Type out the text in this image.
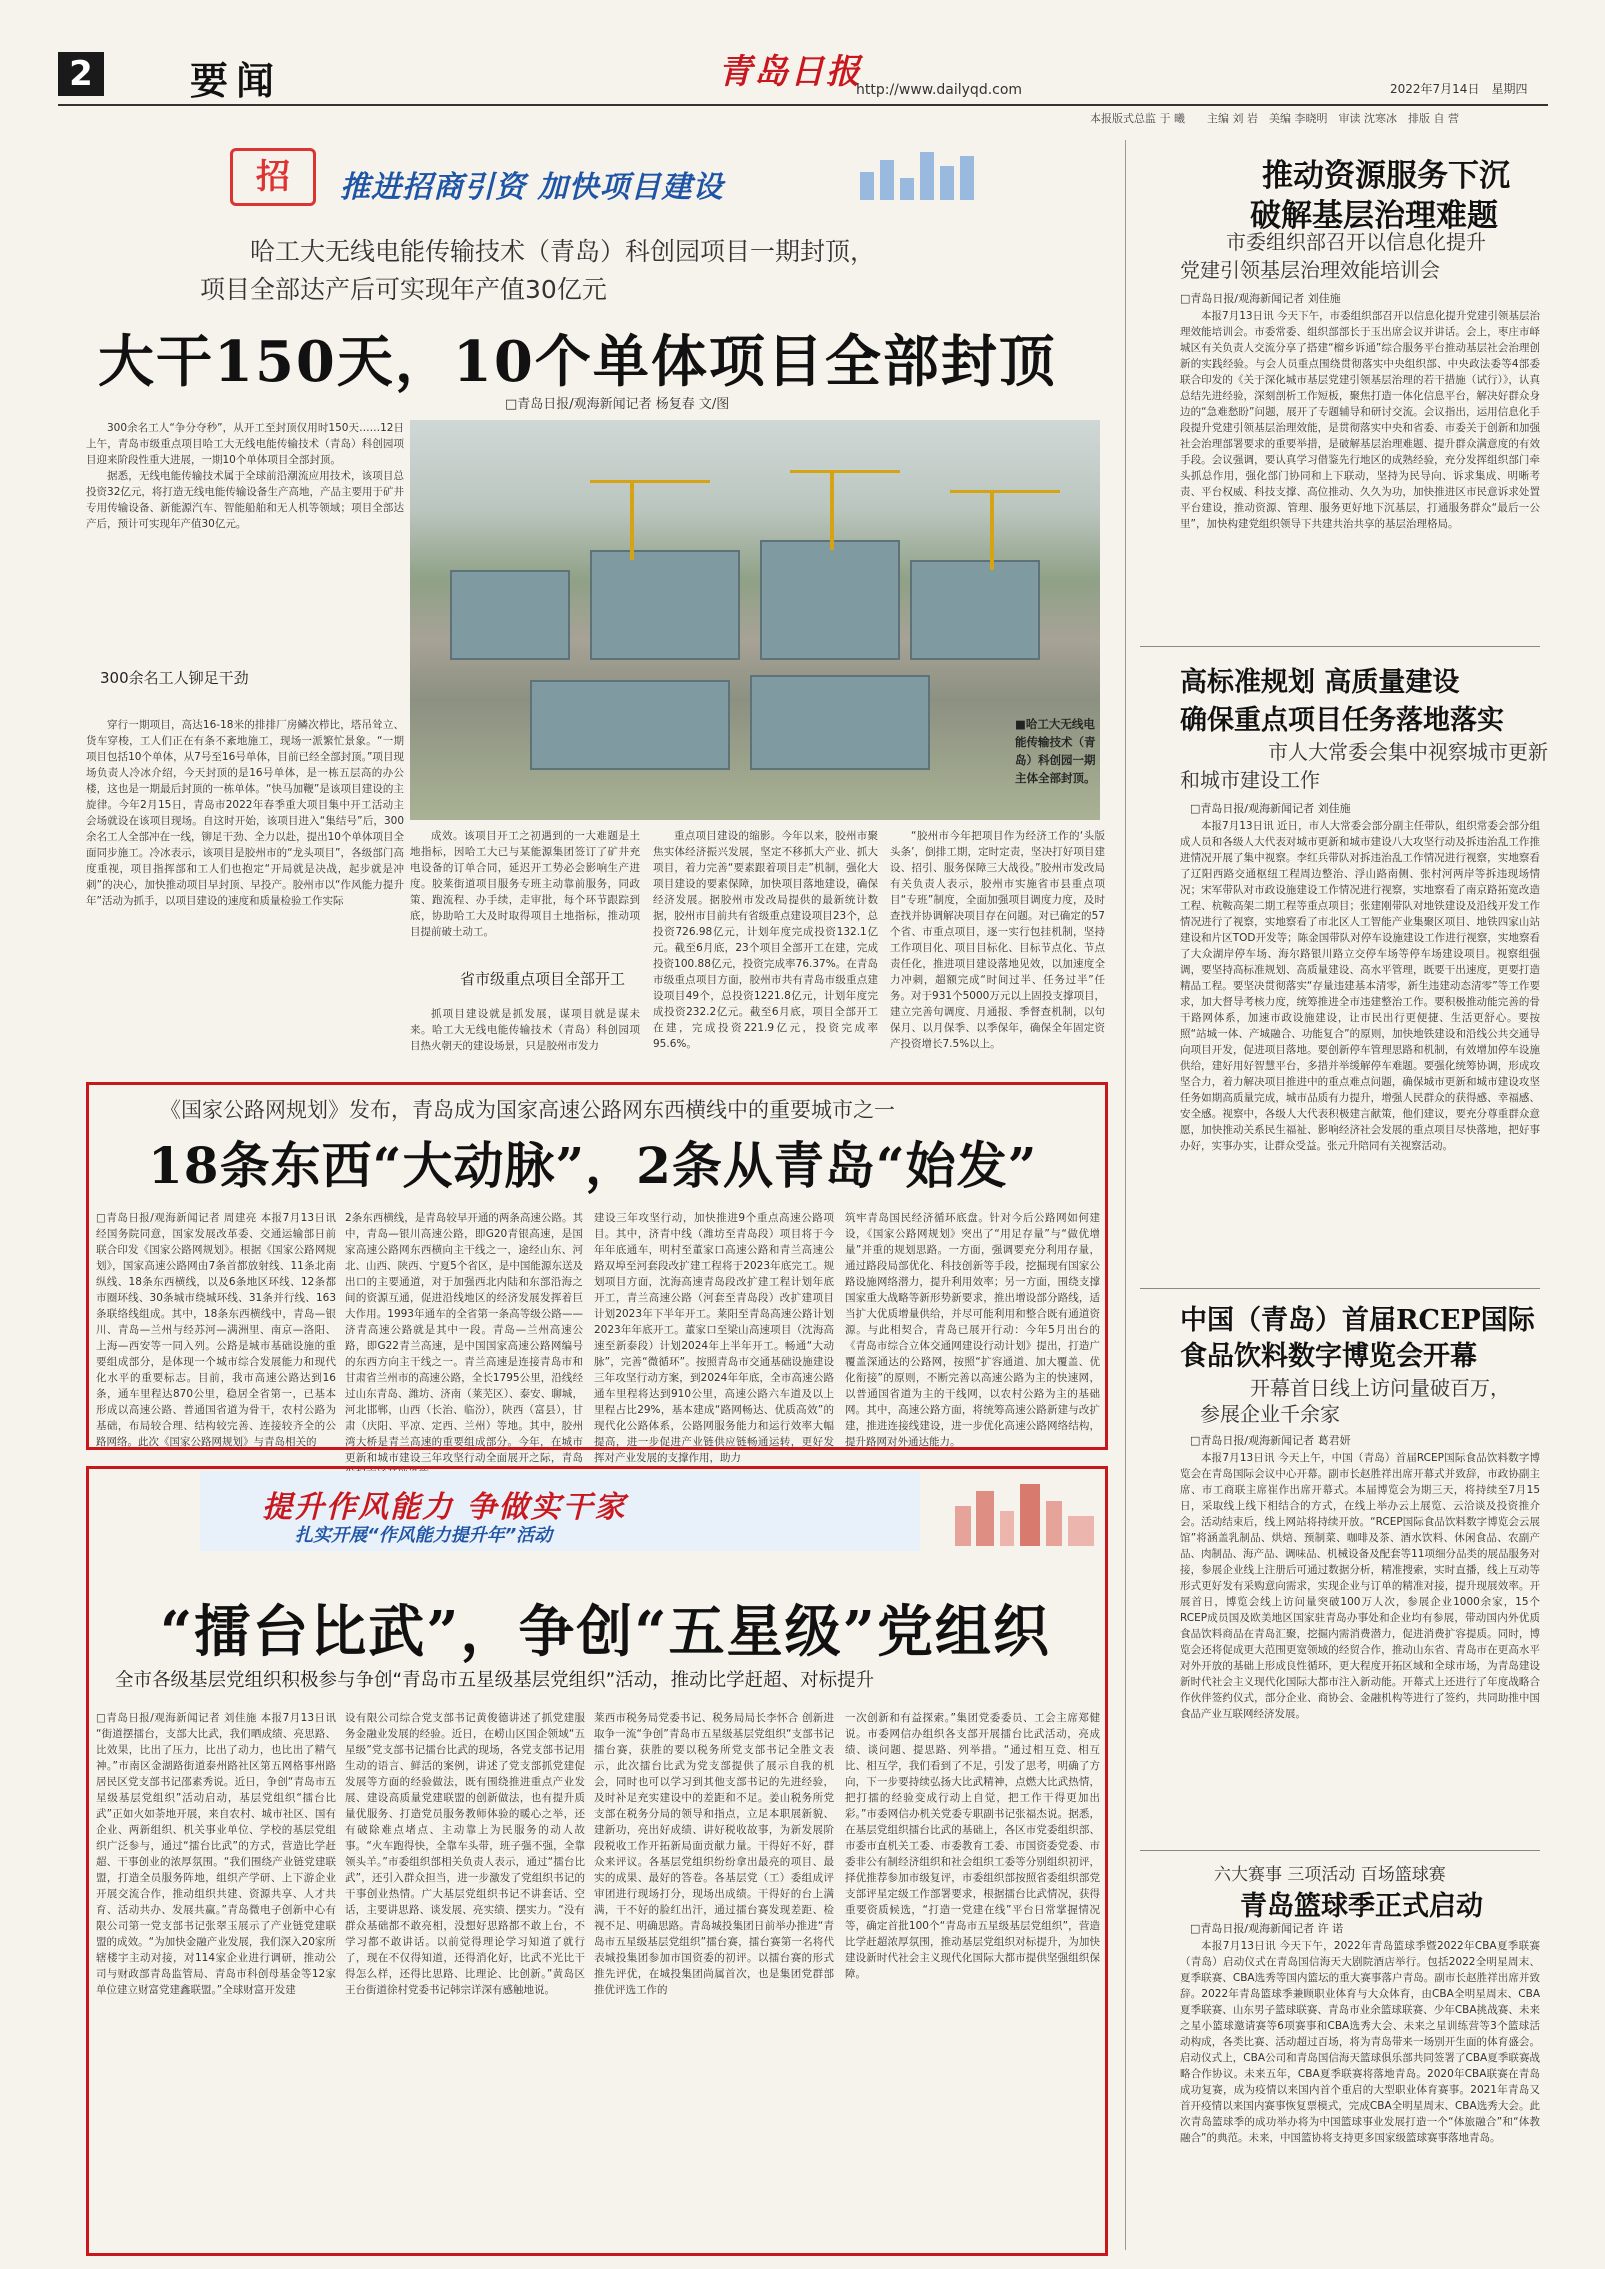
2	要闻	青岛日报
http://www.dailyqd.com	2022年7月14日　星期四
本报版式总监 于 曦　　主编 刘 岩　美编 李晓明　审读 沈寒冰　排版 自 营
招	推进招商引资 加快项目建设
哈工大无线电能传输技术（青岛）科创园项目一期封顶，
项目全部达产后可实现年产值30亿元
大干150天，10个单体项目全部封顶
□青岛日报/观海新闻记者 杨复春 文/图

300余名工人“争分夺秒”，从开工至封顶仅用时150天……12日上午，青岛市级重点项目哈工大无线电能传输技术（青岛）科创园项目迎来阶段性重大进展，一期10个单体项目全部封顶。

据悉，无线电能传输技术属于全球前沿潮流应用技术，该项目总投资32亿元，将打造无线电能传输设备生产高地，产品主要用于矿井专用传输设备、新能源汽车、智能船舶和无人机等领域；项目全部达产后，预计可实现年产值30亿元。

300余名工人铆足干劲
穿行一期项目，高达16-18米的排排厂房鳞次栉比，塔吊耸立、货车穿梭，工人们正在有条不紊地施工，现场一派繁忙景象。“一期项目包括10个单体，从7号至16号单体，目前已经全部封顶。”项目现场负责人冷冰介绍，今天封顶的是16号单体，是一栋五层高的办公楼，这也是一期最后封顶的一栋单体。“快马加鞭”是该项目建设的主旋律。今年2月15日，青岛市2022年春季重大项目集中开工活动主会场就设在该项目现场。自这时开始，该项目进入“集结号”后，300余名工人全部冲在一线，铆足干劲、全力以赴，提出10个单体项目全面同步施工。冷冰表示，该项目是胶州市的“龙头项目”，各级部门高度重视，项目指挥部和工人们也抱定“开局就是决战，起步就是冲刺”的决心，加快推动项目早封顶、早投产。胶州市以“作风能力提升年”活动为抓手，以项目建设的速度和质量检验工作实际
■哈工大无线电能传输技术（青岛）科创园一期主体全部封顶。
成效。该项目开工之初遇到的一大难题是土地指标，因哈工大已与某能源集团签订了矿井充电设备的订单合同，延迟开工势必会影响生产进度。胶莱街道项目服务专班主动靠前服务，同政策、跑流程、办手续，走审批，每个环节跟踪到底，协助哈工大及时取得项目土地指标，推动项目提前破土动工。
省市级重点项目全部开工
抓项目建设就是抓发展，谋项目就是谋未来。哈工大无线电能传输技术（青岛）科创园项目热火朝天的建设场景，只是胶州市发力
重点项目建设的缩影。今年以来，胶州市聚焦实体经济振兴发展，坚定不移抓大产业、抓大项目，着力完善“要素跟着项目走”机制，强化大项目建设的要素保障，加快项目落地建设，确保经济发展。据胶州市发改局提供的最新统计数据，胶州市目前共有省级重点建设项目23个，总投资726.98亿元，计划年度完成投资132.1亿元。截至6月底，23个项目全部开工在建，完成投资100.88亿元，投资完成率76.37%。在青岛市级重点项目方面，胶州市共有青岛市级重点建设项目49个，总投资1221.8亿元，计划年度完成投资232.2亿元。截至6月底，项目全部开工在建，完成投资221.9亿元，投资完成率95.6%。
“胶州市今年把项目作为经济工作的‘头版头条’，倒排工期，定时定责，坚决打好项目建设、招引、服务保障三大战役。”胶州市发改局有关负责人表示，胶州市实施省市县重点项目“专班”制度，全面加强项目调度力度，及时查找并协调解决项目存在问题。对已确定的57个省、市重点项目，逐一实行包挂机制，坚持工作项目化、项目目标化、目标节点化、节点责任化，推进项目建设落地见效，以加速度全力冲刺，超额完成“时间过半、任务过半”任务。对于931个5000万元以上固投支撑项目，建立完善句调度、月通报、季督查机制，以句保月、以月保季、以季保年，确保全年固定资产投资增长7.5%以上。
《国家公路网规划》发布，青岛成为国家高速公路网东西横线中的重要城市之一
18条东西“大动脉”，2条从青岛“始发”
□青岛日报/观海新闻记者 周建亮 本报7月13日讯 经国务院同意，国家发展改革委、交通运输部日前联合印发《国家公路网规划》。根据《国家公路网规划》，国家高速公路网由7条首都放射线、11条北南纵线、18条东西横线，以及6条地区环线、12条都市圈环线、30条城市绕城环线、31条并行线、163条联络线组成。其中，18条东西横线中，青岛—银川、青岛—兰州与经苏河—满洲里、南京—洛阳、上海—西安等一同入列。公路是城市基础设施的重要组成部分，是体现一个城市综合发展能力和现代化水平的重要标志。目前，我市高速公路达到16条，通车里程达870公里，稳居全省第一，已基本形成以高速公路、普通国省道为骨干，农村公路为基础，布局较合理、结构较完善、连接较齐全的公路网络。此次《国家公路网规划》与青岛相关的
2条东西横线，是青岛较早开通的两条高速公路。其中，青岛—银川高速公路，即G20青银高速，是国家高速公路网东西横向主干线之一，途经山东、河北、山西、陕西、宁夏5个省区，是中国能源东送及出口的主要通道，对于加强西北内陆和东部沿海之间的资源互通，促进沿线地区的经济发展发挥着巨大作用。1993年通车的全省第一条高等级公路——济青高速公路就是其中一段。青岛—兰州高速公路，即G22青兰高速，是中国国家高速公路网编号的东西方向主干线之一。青兰高速是连接青岛市和甘肃省兰州市的高速公路，全长1795公里，沿线经过山东青岛、潍坊、济南（莱芜区）、泰安、聊城，河北邯郸，山西（长治、临汾），陕西（富县），甘肃（庆阳、平凉、定西、兰州）等地。其中，胶州湾大桥是青兰高速的重要组成部分。今年，在城市更新和城市建设三年攻坚行动全面展开之际，青岛
建设三年攻坚行动，加快推进9个重点高速公路项目。其中，济青中线（潍坊至青岛段）项目将于今年年底通车，明村至董家口高速公路和青兰高速公路双埠至河套段改扩建工程将于2023年底完工。规划项目方面，沈海高速青岛段改扩建工程计划年底开工，青兰高速公路（河套至青岛段）改扩建项目计划2023年下半年开工。莱阳至青岛高速公路计划2023年年底开工。董家口至梁山高速项目（沈海高速至新泰段）计划2024年上半年开工。畅通“大动脉”，完善“微循环”。按照青岛市交通基础设施建设三年攻坚行动方案，到2024年年底，全市高速公路通车里程将达到910公里，高速公路六车道及以上里程占比29%，基本建成“路网畅达、优质高效”的现代化公路体系，公路网服务能力和运行效率大幅提高，进一步促进产业链供应链畅通运转，更好发挥对产业发展的支撑作用，助力
筑牢青岛国民经济循环底盘。针对今后公路网如何建设，《国家公路网规划》突出了“用足存量”与“做优增量”并重的规划思路。一方面，强调要充分利用存量，通过路段局部优化、科技创新等手段，挖掘现有国家公路设施网络潜力，提升利用效率；另一方面，围绕支撑国家重大战略等新形势新要求，推出增设部分路线，适当扩大优质增量供给，并尽可能利用和整合既有通道资源。与此相契合，青岛已展开行动：今年5月出台的《青岛市综合立体交通网建设行动计划》提出，打造广覆盖深通达的公路网，按照“扩容通道、加大覆盖、优化衔接”的原则，不断完善以高速公路为主的快速网，以普通国省道为主的干线网，以农村公路为主的基础网。其中，高速公路方面，将统筹高速公路新建与改扩建，推进连接线建设，进一步优化高速公路网络结构，提升路网对外通达能力。
提升作风能力 争做实干家
扎实开展“作风能力提升年”活动
“擂台比武”，争创“五星级”党组织
全市各级基层党组织积极参与争创“青岛市五星级基层党组织”活动，推动比学赶超、对标提升
□青岛日报/观海新闻记者 刘佳施 本报7月13日讯 “街道摆擂台，支部大比武，我们晒成绩、亮思路、比效果，比出了压力，比出了动力，也比出了精气神。”市南区金湖路街道泰州路社区第五网格事州路居民区党支部书记邵素秀说。近日，争创“青岛市五星级基层党组织”活动启动，基层党组织“擂台比武”正如火如荼地开展，来自农村、城市社区、国有企业、两新组织、机关事业单位、学校的基层党组织广泛参与，通过“擂台比武”的方式，营造比学赶超、干事创业的浓厚氛围。“我们围绕产业链党建联盟，打造全员服务阵地，组织产学研、上下游企业开展交流合作，推动组织共建、资源共享、人才共育、活动共办、发展共赢。”青岛微电子创新中心有限公司第一党支部书记张翠玉展示了产业链党建联盟的成效。“为加快金融产业发展，我们深入20家所辖楼宇主动对接，对114家企业进行调研，推动公司与财政部青岛监管局、青岛市科创母基金等12家单位建立财富党建鑫联盟。”全球财富开发建
设有限公司综合党支部书记黄俊德讲述了抓党建服务金融业发展的经验。近日，在崂山区国企领域“五星级”党支部书记擂台比武的现场，各党支部书记用生动的语言、鲜活的案例，讲述了党支部抓党建促发展等方面的经验做法，既有围绕推进重点产业发展、建设高质量党建联盟的创新做法，也有提升质量优服务、打造党员服务教师体验的暖心之举，还有破除难点堵点、主动靠上为民服务的动人故事。“火车跑得快，全靠车头带，班子强不强，全靠领头羊。”市委组织部相关负责人表示，通过“擂台比武”，还引入群众担当，进一步激发了党组织书记的干事创业热情。广大基层党组织书记不讲套话、空话，主要讲思路、谈发展、亮实绩、摆实力。“没有群众基础都不敢亮相，没想好思路都不敢上台，不学习都不敢讲话。以前觉得理论学习知道了就行了，现在不仅得知道，还得消化好，比武不光比干得怎么样，还得比思路、比理论、比创新。”黄岛区王台街道徐村党委书记韩宗详深有感触地说。
莱西市税务局党委书记、税务局局长李怀合 创新进取争一流“争创”青岛市五星级基层党组织“支部书记擂台赛，获胜的要以税务所党支部书记全胜文表示，此次擂台比武为党支部提供了展示自我的机会，同时也可以学习到其他支部书记的先进经验，及时补足充实建设中的差距和不足。姜山税务所党支部在税务分局的领导和指点，立足本职展新貌、建新功，亮出好成绩、讲好税收故事，为新发展阶段税收工作开拓新局面贡献力量。干得好不好，群众来评议。各基层党组织纷纷拿出最亮的项目、最实的成果、最好的答卷。各基层党（工）委组成评审团进行现场打分，现场出成绩。干得好的台上满满，干不好的脸红出汗，通过擂台赛发现差距、检视不足、明确思路。青岛城投集团日前举办推进“青岛市五星级基层党组织”擂台赛，擂台赛第一名将代表城投集团参加市国资委的初评。以擂台赛的形式推先评优，在城投集团尚属首次，也是集团党群部推优评选工作的
一次创新和有益探索。”集团党委委员、工会主席郑健说。市委网信办组织各支部开展擂台比武活动，亮成绩、谈问题、提思路、列举措。“通过相互竞、相互比、相互学，我们看到了不足，引发了思考，明确了方向，下一步要持续弘扬大比武精神，点燃大比武热情，把打擂的经验变成行动上自觉，把工作干得更加出彩。”市委网信办机关党委专职副书记张福杰说。据悉，在基层党组织擂台比武的基础上，各区市党委组织部、市委市直机关工委、市委教育工委、市国资委党委、市委非公有制经济组织和社会组织工委等分别组织初评，择优推荐参加市级复评，市委组织部按照省委组织部党支部评星定级工作部署要求，根据擂台比武情况，获得重要资质候选，“打造一党建在线”平台日常掌握情况等，确定首批100个“青岛市五星级基层党组织”，营造比学赶超浓厚氛围，推动基层党组织对标提升，为加快建设新时代社会主义现代化国际大都市提供坚强组织保障。
推动资源服务下沉
破解基层治理难题
市委组织部召开以信息化提升
党建引领基层治理效能培训会
□青岛日报/观海新闻记者 刘佳施
本报7月13日讯 今天下午，市委组织部召开以信息化提升党建引领基层治理效能培训会。市委常委、组织部部长于玉出席会议并讲话。会上，枣庄市峄城区有关负责人交流分享了搭建“榴乡诉通”综合服务平台推动基层社会治理创新的实践经验。与会人员重点围绕贯彻落实中央组织部、中央政法委等4部委联合印发的《关于深化城市基层党建引领基层治理的若干措施（试行）》，认真总结先进经验，深刻剖析工作短板，聚焦打造一体化信息平台，解决好群众身边的“急难愁盼”问题，展开了专题辅导和研讨交流。会议指出，运用信息化手段提升党建引领基层治理效能，是贯彻落实中央和省委、市委关于创新和加强社会治理部署要求的重要举措，是破解基层治理难题、提升群众满意度的有效手段。会议强调，要认真学习借鉴先行地区的成熟经验，充分发挥组织部门牵头抓总作用，强化部门协同和上下联动，坚持为民导向、诉求集成、明晰考责、平台权威、科技支撑、高位推动、久久为功，加快推进区市民意诉求处置平台建设，推动资源、管理、服务更好地下沉基层，打通服务群众“最后一公里”，加快构建党组织领导下共建共治共享的基层治理格局。
高标准规划 高质量建设
确保重点项目任务落地落实
市人大常委会集中视察城市更新
和城市建设工作
□青岛日报/观海新闻记者 刘佳施
本报7月13日讯 近日，市人大常委会部分副主任带队，组织常委会部分组成人员和各级人大代表对城市更新和城市建设八大攻坚行动及拆违治乱工作推进情况开展了集中视察。李红兵带队对拆违治乱工作情况进行视察，实地察看了辽阳西路交通枢纽工程周边整治、浮山路南侧、张村河两岸等拆违现场情况；宋军带队对市政设施建设工作情况进行视察，实地察看了南京路拓宽改造工程、杭鞍高架二期工程等重点项目；张建刚带队对地铁建设及沿线开发工作情况进行了视察，实地察看了市北区人工智能产业集聚区项目、地铁四家山站建设和片区TOD开发等；陈金国带队对停车设施建设工作进行视察，实地察看了大众湖岸停车场、海尔路银川路立交停车场等停车场建设项目。视察组强调，要坚持高标准规划、高质量建设、高水平管理，既要干出速度，更要打造精品工程。要坚决贯彻落实“存量违建基本清零，新生违建动态清零”等工作要求，加大督导考核力度，统筹推进全市违建整治工作。要积极推动能完善的骨干路网体系，加速市政设施建设，让市民出行更便捷、生活更舒心。要按照“站城一体、产城融合、功能复合”的原则，加快地铁建设和沿线公共交通导向项目开发，促进项目落地。要创新停车管理思路和机制，有效增加停车设施供给，建好用好智慧平台，多措并举缓解停车难题。要强化统筹协调，形成攻坚合力，着力解决项目推进中的重点难点问题，确保城市更新和城市建设攻坚任务如期高质量完成，城市品质有力提升，增强人民群众的获得感、幸福感、安全感。视察中，各级人大代表积极建言献策，他们建议，要充分尊重群众意愿，加快推动关系民生福祉、影响经济社会发展的重点项目尽快落地，把好事办好，实事办实，让群众受益。张元升陪同有关视察活动。
中国（青岛）首届RCEP国际
食品饮料数字博览会开幕
开幕首日线上访问量破百万，
参展企业千余家
□青岛日报/观海新闻记者 葛君妍
本报7月13日讯 今天上午，中国（青岛）首届RCEP国际食品饮料数字博览会在青岛国际会议中心开幕。副市长赵胜祥出席开幕式并致辞，市政协副主席、市工商联主席崔作出席开幕式。本届博览会为期三天，将持续至7月15日，采取线上线下相结合的方式，在线上举办云上展览、云洽谈及投资推介会。活动结束后，线上网站将持续开放。“RCEP国际食品饮料数字博览会云展馆”将涵盖乳制品、烘焙、预制菜、咖啡及茶、酒水饮料、休闲食品、农副产品、肉制品、海产品、调味品、机械设备及配套等11项细分品类的展品服务对接，参展企业线上注册后可通过数据分析，精准搜索，实时直播，线上互动等形式更好发有采购意向需求，实现企业与订单的精准对接，提升现展效率。开展首日，博览会线上访问量突破100万人次，参展企业1000余家，15个RCEP成员国及欧美地区国家驻青岛办事处和企业均有参展，带动国内外优质食品饮料商品在青岛汇聚，挖掘内需消费潜力，促进消费扩容提质。同时，博览会还将促成更大范围更宽领域的经贸合作，推动山东省、青岛市在更高水平对外开放的基础上形成良性循环，更大程度开拓区域和全球市场，为青岛建设新时代社会主义现代化国际大都市注入新动能。开幕式上还进行了年度战略合作伙伴签约仪式，部分企业、商协会、金融机构等进行了签约，共同助推中国食品产业互联网经济发展。
六大赛事 三项活动 百场篮球赛
青岛篮球季正式启动
□青岛日报/观海新闻记者 许 诺
本报7月13日讯 今天下午，2022年青岛篮球季暨2022年CBA夏季联赛（青岛）启动仪式在青岛国信海天大剧院酒店举行。包括2022全明星周末、夏季联赛、CBA选秀等国内篮坛的重大赛事落户青岛。副市长赵胜祥出席并致辞。2022年青岛篮球季兼顾职业体育与大众体育，由CBA全明星周末、CBA夏季联赛、山东男子篮球联赛、青岛市业余篮球联赛、少年CBA挑战赛、未来之星小篮球邀请赛等6项赛事和CBA选秀大会、未来之星训练营等3个篮球活动构成，各类比赛、活动超过百场，将为青岛带来一场别开生面的体育盛会。启动仪式上，CBA公司和青岛国信海天篮球俱乐部共同签署了CBA夏季联赛战略合作协议。未来五年，CBA夏季联赛将落地青岛。2020年CBA联赛在青岛成功复赛，成为疫情以来国内首个重启的大型职业体育赛事。2021年青岛又首开疫情以来国内赛事恢复票模式，完成CBA全明星周末、CBA选秀大会。此次青岛篮球季的成功举办将为中国篮球事业发展打造一个“体旅融合”和“体教融合”的典范。未来，中国篮协将支持更多国家级篮球赛事落地青岛。
